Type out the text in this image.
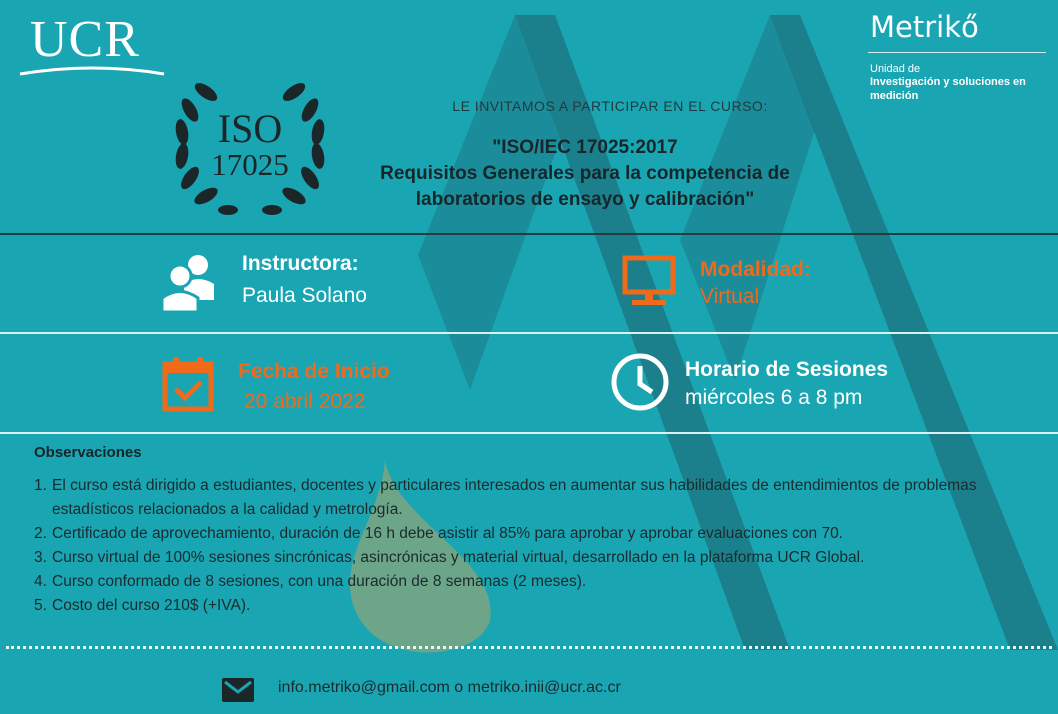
UCR	Metrikő
Unidad de
Investigación y soluciones en medición
ISO
17025
LE INVITAMOS A PARTICIPAR EN EL CURSO:
"ISO/IEC 17025:2017
Requisitos Generales para la competencia de
laboratorios de ensayo y calibración"
Instructora:
Paula Solano
Modalidad:
Virtual
Fecha de Inicio
20 abril 2022
Horario de Sesiones
miércoles 6 a 8 pm
Observaciones
1. El curso está dirigido a estudiantes, docentes y particulares interesados en aumentar sus habilidades de entendimientos de problemas estadísticos relacionados a la calidad y metrología.
2. Certificado de aprovechamiento, duración de 16 h debe asistir al 85% para aprobar y aprobar evaluaciones con 70.
3. Curso virtual de 100% sesiones sincrónicas, asincrónicas y material virtual, desarrollado en la plataforma UCR Global.
4. Curso conformado de 8 sesiones, con una duración de 8 semanas (2 meses).
5. Costo del curso 210$ (+IVA).
info.metriko@gmail.com o metriko.inii@ucr.ac.cr
